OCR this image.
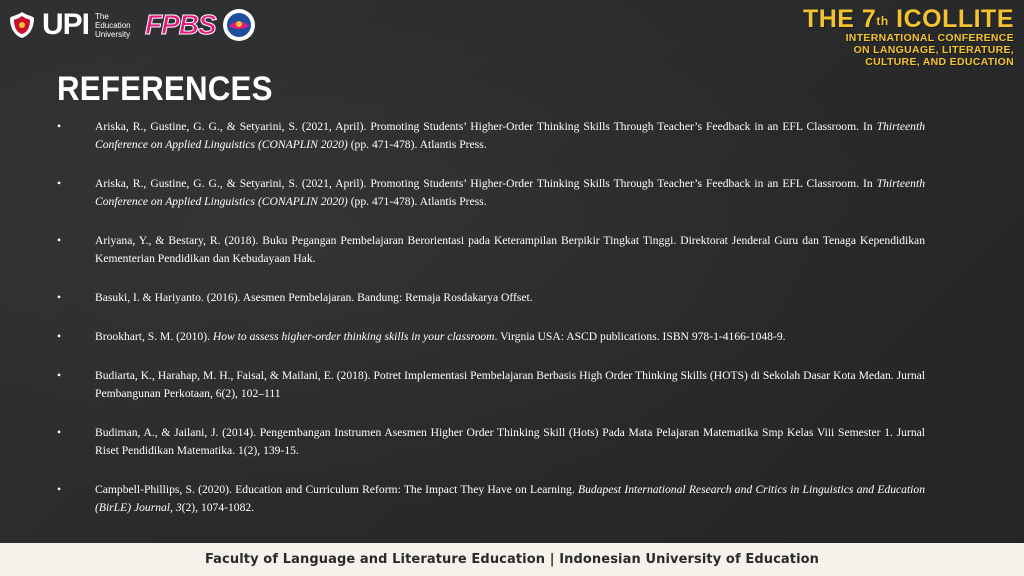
UPI The Education University FPBS	THE 7th ICOLLITE
INTERNATIONAL CONFERENCE
ON LANGUAGE, LITERATURE,
CULTURE, AND EDUCATION
REFERENCES
• Ariska, R., Gustine, G. G., & Setyarini, S. (2021, April). Promoting Students’ Higher-Order Thinking Skills Through Teacher’s Feedback in an EFL Classroom. In Thirteenth Conference on Applied Linguistics (CONAPLIN 2020) (pp. 471-478). Atlantis Press.
• Ariska, R., Gustine, G. G., & Setyarini, S. (2021, April). Promoting Students’ Higher-Order Thinking Skills Through Teacher’s Feedback in an EFL Classroom. In Thirteenth Conference on Applied Linguistics (CONAPLIN 2020) (pp. 471-478). Atlantis Press.
• Ariyana, Y., & Bestary, R. (2018). Buku Pegangan Pembelajaran Berorientasi pada Keterampilan Berpikir Tingkat Tinggi. Direktorat Jenderal Guru dan Tenaga Kependidikan Kementerian Pendidikan dan Kebudayaan Hak.
• Basuki, I. & Hariyanto. (2016). Asesmen Pembelajaran. Bandung: Remaja Rosdakarya Offset.
• Brookhart, S. M. (2010). How to assess higher-order thinking skills in your classroom. Virgnia USA: ASCD publications. ISBN 978-1-4166-1048-9.
• Budiarta, K., Harahap, M. H., Faisal, & Mailani, E. (2018). Potret Implementasi Pembelajaran Berbasis High Order Thinking Skills (HOTS) di Sekolah Dasar Kota Medan. Jurnal Pembangunan Perkotaan, 6(2), 102–111
• Budiman, A., & Jailani, J. (2014). Pengembangan Instrumen Asesmen Higher Order Thinking Skill (Hots) Pada Mata Pelajaran Matematika Smp Kelas Viii Semester 1. Jurnal Riset Pendidikan Matematika. 1(2), 139-15.
• Campbell-Phillips, S. (2020). Education and Curriculum Reform: The Impact They Have on Learning. Budapest International Research and Critics in Linguistics and Education (BirLE) Journal, 3(2), 1074-1082.
Faculty of Language and Literature Education | Indonesian University of Education
